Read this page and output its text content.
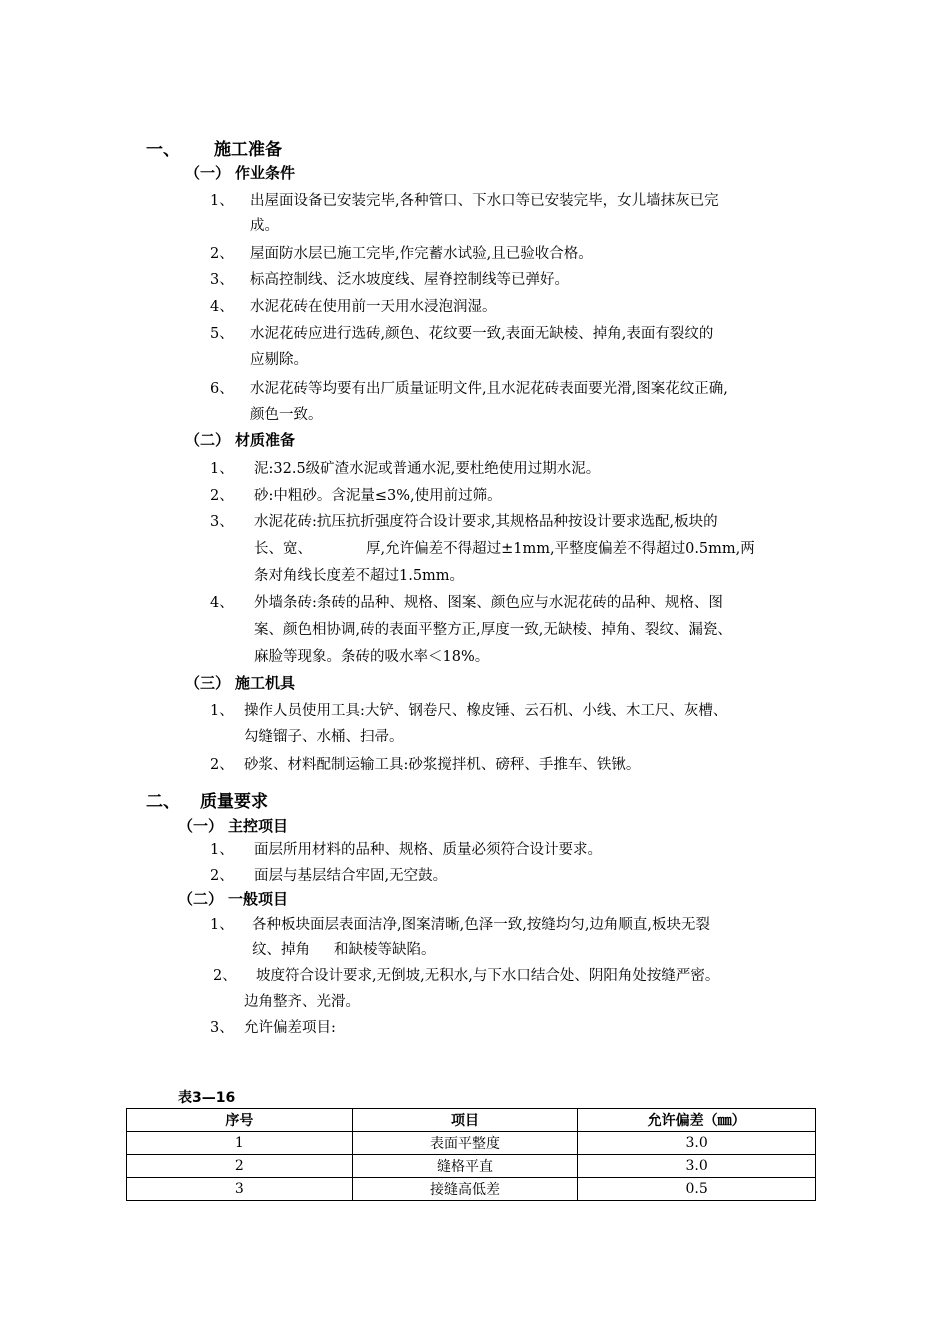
一、 施工准备
（一） 作业条件
1、 出屋面设备已安装完毕,各种管口、下水口等已安装完毕，女儿墙抹灰已完
成。
2、 屋面防水层已施工完毕,作完蓄水试验,且已验收合格。
3、 标高控制线、泛水坡度线、屋脊控制线等已弹好。
4、 水泥花砖在使用前一天用水浸泡润湿。
5、 水泥花砖应进行选砖,颜色、花纹要一致,表面无缺棱、掉角,表面有裂纹的
应剔除。
6、 水泥花砖等均要有出厂质量证明文件,且水泥花砖表面要光滑,图案花纹正确,
颜色一致。
（二） 材质准备
1、 泥:32.5级矿渣水泥或普通水泥,要杜绝使用过期水泥。
2、 砂:中粗砂。含泥量≤3%,使用前过筛。
3、 水泥花砖:抗压抗折强度符合设计要求,其规格品种按设计要求选配,板块的
长、宽、	厚,允许偏差不得超过±1mm,平整度偏差不得超过0.5mm,两
条对角线长度差不超过1.5mm。
4、 外墙条砖:条砖的品种、规格、图案、颜色应与水泥花砖的品种、规格、图
案、颜色相协调,砖的表面平整方正,厚度一致,无缺棱、掉角、裂纹、漏瓷、
麻脸等现象。条砖的吸水率＜18%。
（三） 施工机具
1、 操作人员使用工具:大铲、钢卷尺、橡皮锤、云石机、小线、木工尺、灰槽、
勾缝镏子、水桶、扫帚。
2、 砂浆、材料配制运输工具:砂浆搅拌机、磅秤、手推车、铁锹。
二、 质量要求
（一） 主控项目
1、 面层所用材料的品种、规格、质量必须符合设计要求。
2、 面层与基层结合牢固,无空鼓。
（二） 一般项目
1、 各种板块面层表面洁净,图案清晰,色泽一致,按缝均匀,边角顺直,板块无裂
纹、掉角 和缺棱等缺陷。
2、 坡度符合设计要求,无倒坡,无积水,与下水口结合处、阴阳角处按缝严密。
边角整齐、光滑。
3、 允许偏差项目:
表3—16
序号	项目	允许偏差（㎜）
1	表面平整度	3.0
2	缝格平直	3.0
3	接缝高低差	0.5
